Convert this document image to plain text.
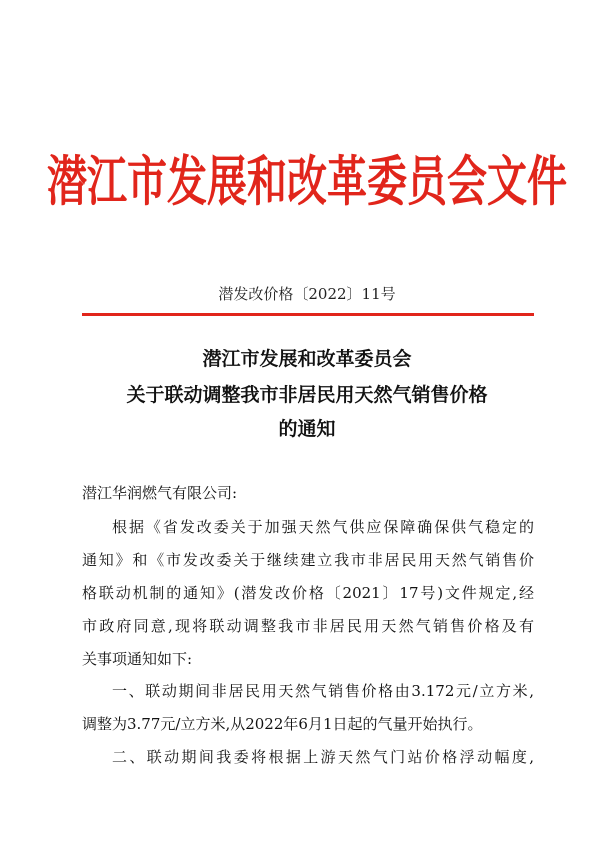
潜江市发展和改革委员会文件
潜发改价格〔2022〕11号
潜江市发展和改革委员会
关于联动调整我市非居民用天然气销售价格
的通知
潜江华润燃气有限公司:
根据《省发改委关于加强天然气供应保障确保供气稳定的
通知》和《市发改委关于继续建立我市非居民用天然气销售价
格联动机制的通知》(潜发改价格〔2021〕17号)文件规定,经
市政府同意,现将联动调整我市非居民用天然气销售价格及有
关事项通知如下:
一、联动期间非居民用天然气销售价格由3.172元/立方米,
调整为3.77元/立方米,从2022年6月1日起的气量开始执行。
二、联动期间我委将根据上游天然气门站价格浮动幅度,
